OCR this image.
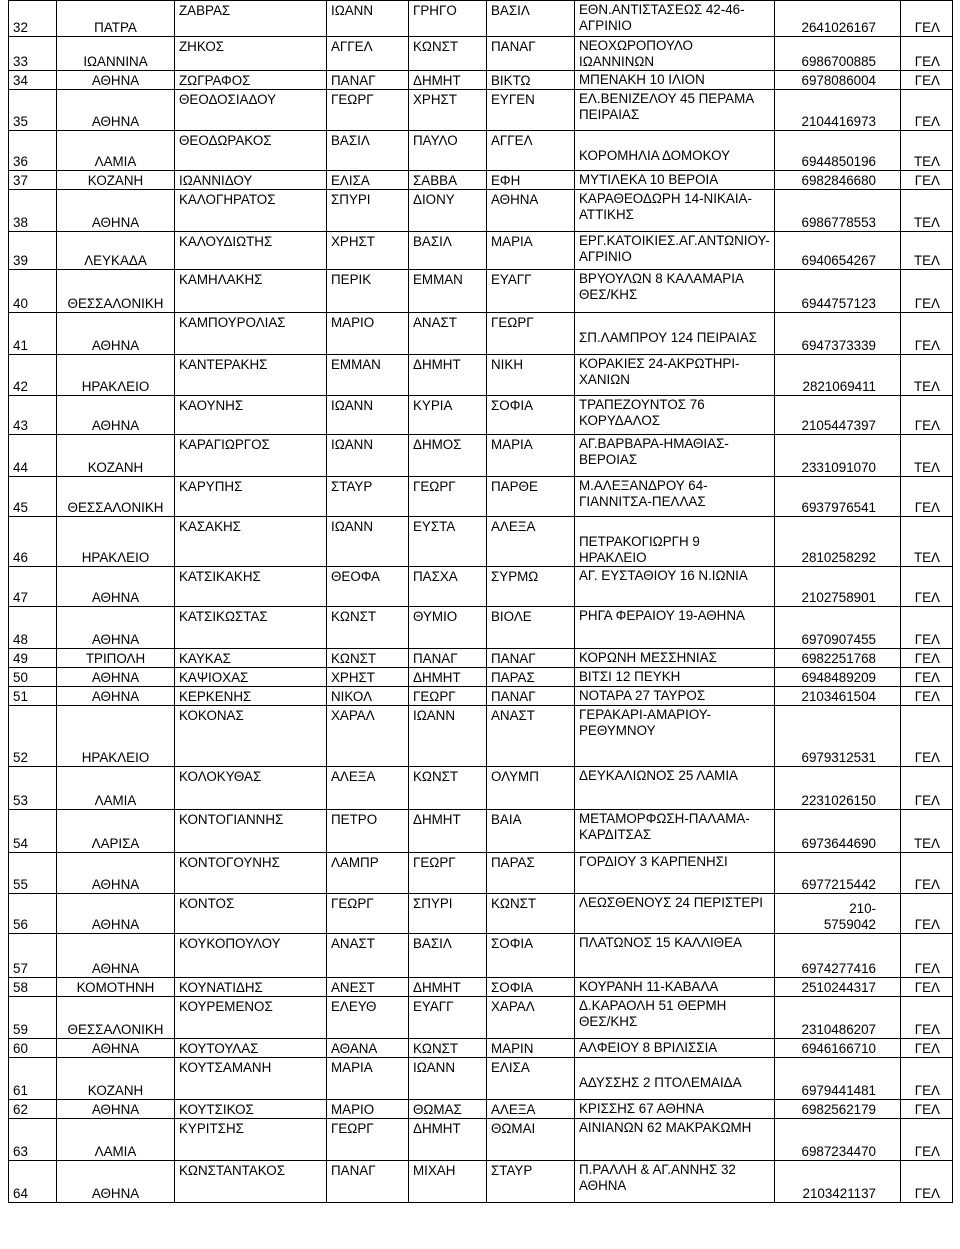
32	ΠΑΤΡΑ	ΖΑΒΡΑΣ	ΙΩΑΝΝ	ΓΡΗΓΟ	ΒΑΣΙΛ	ΕΘΝ.ΑΝΤΙΣΤΑΣΕΩΣ 42-46-
ΑΓΡΙΝΙΟ	2641026167	ΓΕΛ
33	ΙΩΑΝΝΙΝΑ	ΖΗΚΟΣ	ΑΓΓΕΛ	ΚΩΝΣΤ	ΠΑΝΑΓ	ΝΕΟΧΩΡΟΠΟΥΛΟ ΙΩΑΝΝΙΝΩΝ	6986700885	ΓΕΛ
34	ΑΘΗΝΑ	ΖΩΓΡΑΦΟΣ	ΠΑΝΑΓ	ΔΗΜΗΤ	ΒΙΚΤΩ	ΜΠΕΝΑΚΗ 10 ΙΛΙΟΝ	6978086004	ΓΕΛ
35	ΑΘΗΝΑ	ΘΕΟΔΟΣΙΑΔΟΥ	ΓΕΩΡΓ	ΧΡΗΣΤ	ΕΥΓΕΝ	ΕΛ.ΒΕΝΙΖΕΛΟΥ 45 ΠΕΡΑΜΑ
ΠΕΙΡΑΙΑΣ	2104416973	ΓΕΛ
36	ΛΑΜΙΑ	ΘΕΟΔΩΡΑΚΟΣ	ΒΑΣΙΛ	ΠΑΥΛΟ	ΑΓΓΕΛ	
ΚΟΡΟΜΗΛΙΑ ΔΟΜΟΚΟΥ	6944850196	ΤΕΛ
37	ΚΟΖΑΝΗ	ΙΩΑΝΝΙΔΟΥ	ΕΛΙΣΑ	ΣΑΒΒΑ	ΕΦΗ	ΜΥΤΙΛΕΚΑ 10 ΒΕΡΟΙΑ	6982846680	ΓΕΛ
38	ΑΘΗΝΑ	ΚΑΛΟΓΗΡΑΤΟΣ	ΣΠΥΡΙ	ΔΙΟΝΥ	ΑΘΗΝΑ	ΚΑΡΑΘΕΟΔΩΡΗ 14-ΝΙΚΑΙΑ-
ΑΤΤΙΚΗΣ	6986778553	ΤΕΛ
39	ΛΕΥΚΑΔΑ	ΚΑΛΟΥΔΙΩΤΗΣ	ΧΡΗΣΤ	ΒΑΣΙΛ	ΜΑΡΙΑ	ΕΡΓ.ΚΑΤΟΙΚΙΕΣ.ΑΓ.ΑΝΤΩΝΙΟΥ-
ΑΓΡΙΝΙΟ	6940654267	ΤΕΛ
40	ΘΕΣΣΑΛΟΝΙΚΗ	ΚΑΜΗΛΑΚΗΣ	ΠΕΡΙΚ	ΕΜΜΑΝ	ΕΥΑΓΓ	ΒΡΥΟΥΛΩΝ 8 ΚΑΛΑΜΑΡΙΑ
ΘΕΣ/ΚΗΣ	6944757123	ΓΕΛ
41	ΑΘΗΝΑ	ΚΑΜΠΟΥΡΟΛΙΑΣ	ΜΑΡΙΟ	ΑΝΑΣΤ	ΓΕΩΡΓ	
ΣΠ.ΛΑΜΠΡΟΥ 124 ΠΕΙΡΑΙΑΣ	6947373339	ΓΕΛ
42	ΗΡΑΚΛΕΙΟ	ΚΑΝΤΕΡΑΚΗΣ	ΕΜΜΑΝ	ΔΗΜΗΤ	ΝΙΚΗ	ΚΟΡΑΚΙΕΣ 24-ΑΚΡΩΤΗΡΙ-
ΧΑΝΙΩΝ	2821069411	ΤΕΛ
43	ΑΘΗΝΑ	ΚΑΟΥΝΗΣ	ΙΩΑΝΝ	ΚΥΡΙΑ	ΣΟΦΙΑ	ΤΡΑΠΕΖΟΥΝΤΟΣ 76
ΚΟΡΥΔΑΛΟΣ	2105447397	ΓΕΛ
44	ΚΟΖΑΝΗ	ΚΑΡΑΓΙΩΡΓΟΣ	ΙΩΑΝΝ	ΔΗΜΟΣ	ΜΑΡΙΑ	ΑΓ.ΒΑΡΒΑΡΑ-ΗΜΑΘΙΑΣ-
ΒΕΡΟΙΑΣ	2331091070	ΤΕΛ
45	ΘΕΣΣΑΛΟΝΙΚΗ	ΚΑΡΥΠΗΣ	ΣΤΑΥΡ	ΓΕΩΡΓ	ΠΑΡΘΕ	Μ.ΑΛΕΞΑΝΔΡΟΥ 64-
ΓΙΑΝΝΙΤΣΑ-ΠΕΛΛΑΣ	6937976541	ΓΕΛ
46	ΗΡΑΚΛΕΙΟ	ΚΑΣΑΚΗΣ	ΙΩΑΝΝ	ΕΥΣΤΑ	ΑΛΕΞΑ	
ΠΕΤΡΑΚΟΓΙΩΡΓΗ 9 ΗΡΑΚΛΕΙΟ	2810258292	ΤΕΛ
47	ΑΘΗΝΑ	ΚΑΤΣΙΚΑΚΗΣ	ΘΕΟΦΑ	ΠΑΣΧΑ	ΣΥΡΜΩ	ΑΓ. ΕΥΣΤΑΘΙΟΥ 16 Ν.ΙΩΝΙΑ	2102758901	ΓΕΛ
48	ΑΘΗΝΑ	ΚΑΤΣΙΚΩΣΤΑΣ	ΚΩΝΣΤ	ΘΥΜΙΟ	ΒΙΟΛΕ	ΡΗΓΑ ΦΕΡΑΙΟΥ 19-ΑΘΗΝΑ	6970907455	ΓΕΛ
49	ΤΡΙΠΟΛΗ	ΚΑΥΚΑΣ	ΚΩΝΣΤ	ΠΑΝΑΓ	ΠΑΝΑΓ	ΚΟΡΩΝΗ ΜΕΣΣΗΝΙΑΣ	6982251768	ΓΕΛ
50	ΑΘΗΝΑ	ΚΑΨΙΟΧΑΣ	ΧΡΗΣΤ	ΔΗΜΗΤ	ΠΑΡΑΣ	ΒΙΤΣΙ 12 ΠΕΥΚΗ	6948489209	ΓΕΛ
51	ΑΘΗΝΑ	ΚΕΡΚΕΝΗΣ	ΝΙΚΟΛ	ΓΕΩΡΓ	ΠΑΝΑΓ	ΝΟΤΑΡΑ 27 ΤΑΥΡΟΣ	2103461504	ΓΕΛ
52	ΗΡΑΚΛΕΙΟ	ΚΟΚΟΝΑΣ	ΧΑΡΑΛ	ΙΩΑΝΝ	ΑΝΑΣΤ	ΓΕΡΑΚΑΡΙ-ΑΜΑΡΙΟΥ-
ΡΕΘΥΜΝΟΥ	6979312531	ΓΕΛ
53	ΛΑΜΙΑ	ΚΟΛΟΚΥΘΑΣ	ΑΛΕΞΑ	ΚΩΝΣΤ	ΟΛΥΜΠ	ΔΕΥΚΑΛΙΩΝΟΣ 25 ΛΑΜΙΑ	2231026150	ΓΕΛ
54	ΛΑΡΙΣΑ	ΚΟΝΤΟΓΙΑΝΝΗΣ	ΠΕΤΡΟ	ΔΗΜΗΤ	ΒΑΙΑ	ΜΕΤΑΜΟΡΦΩΣΗ-ΠΑΛΑΜΑ-
ΚΑΡΔΙΤΣΑΣ	6973644690	ΤΕΛ
55	ΑΘΗΝΑ	ΚΟΝΤΟΓΟΥΝΗΣ	ΛΑΜΠΡ	ΓΕΩΡΓ	ΠΑΡΑΣ	ΓΟΡΔΙΟΥ 3 ΚΑΡΠΕΝΗΣΙ	6977215442	ΓΕΛ
56	ΑΘΗΝΑ	ΚΟΝΤΟΣ	ΓΕΩΡΓ	ΣΠΥΡΙ	ΚΩΝΣΤ	ΛΕΩΣΘΕΝΟΥΣ 24 ΠΕΡΙΣΤΕΡΙ	210-
5759042	ΓΕΛ
57	ΑΘΗΝΑ	ΚΟΥΚΟΠΟΥΛΟΥ	ΑΝΑΣΤ	ΒΑΣΙΛ	ΣΟΦΙΑ	ΠΛΑΤΩΝΟΣ 15 ΚΑΛΛΙΘΕΑ	6974277416	ΓΕΛ
58	ΚΟΜΟΤΗΝΗ	ΚΟΥΝΑΤΙΔΗΣ	ΑΝΕΣΤ	ΔΗΜΗΤ	ΣΟΦΙΑ	ΚΟΥΡΑΝΗ 11-ΚΑΒΑΛΑ	2510244317	ΓΕΛ
59	ΘΕΣΣΑΛΟΝΙΚΗ	ΚΟΥΡΕΜΕΝΟΣ	ΕΛΕΥΘ	ΕΥΑΓΓ	ΧΑΡΑΛ	Δ.ΚΑΡΑΟΛΗ 51 ΘΕΡΜΗ
ΘΕΣ/ΚΗΣ	2310486207	ΓΕΛ
60	ΑΘΗΝΑ	ΚΟΥΤΟΥΛΑΣ	ΑΘΑΝΑ	ΚΩΝΣΤ	ΜΑΡΙΝ	ΑΛΦΕΙΟΥ 8 ΒΡΙΛΙΣΣΙΑ	6946166710	ΓΕΛ
61	ΚΟΖΑΝΗ	ΚΟΥΤΣΑΜΑΝΗ	ΜΑΡΙΑ	ΙΩΑΝΝ	ΕΛΙΣΑ	
ΑΔΥΣΣΗΣ 2 ΠΤΟΛΕΜΑΙΔΑ	6979441481	ΓΕΛ
62	ΑΘΗΝΑ	ΚΟΥΤΣΙΚΟΣ	ΜΑΡΙΟ	ΘΩΜΑΣ	ΑΛΕΞΑ	ΚΡΙΣΣΗΣ 67 ΑΘΗΝΑ	6982562179	ΓΕΛ
63	ΛΑΜΙΑ	ΚΥΡΙΤΣΗΣ	ΓΕΩΡΓ	ΔΗΜΗΤ	ΘΩΜΑΙ	ΑΙΝΙΑΝΩΝ 62 ΜΑΚΡΑΚΩΜΗ	6987234470	ΓΕΛ
64	ΑΘΗΝΑ	ΚΩΝΣΤΑΝΤΑΚΟΣ	ΠΑΝΑΓ	ΜΙΧΑΗ	ΣΤΑΥΡ	Π.ΡΑΛΛΗ & ΑΓ.ΑΝΝΗΣ 32
ΑΘΗΝΑ	2103421137	ΓΕΛ
